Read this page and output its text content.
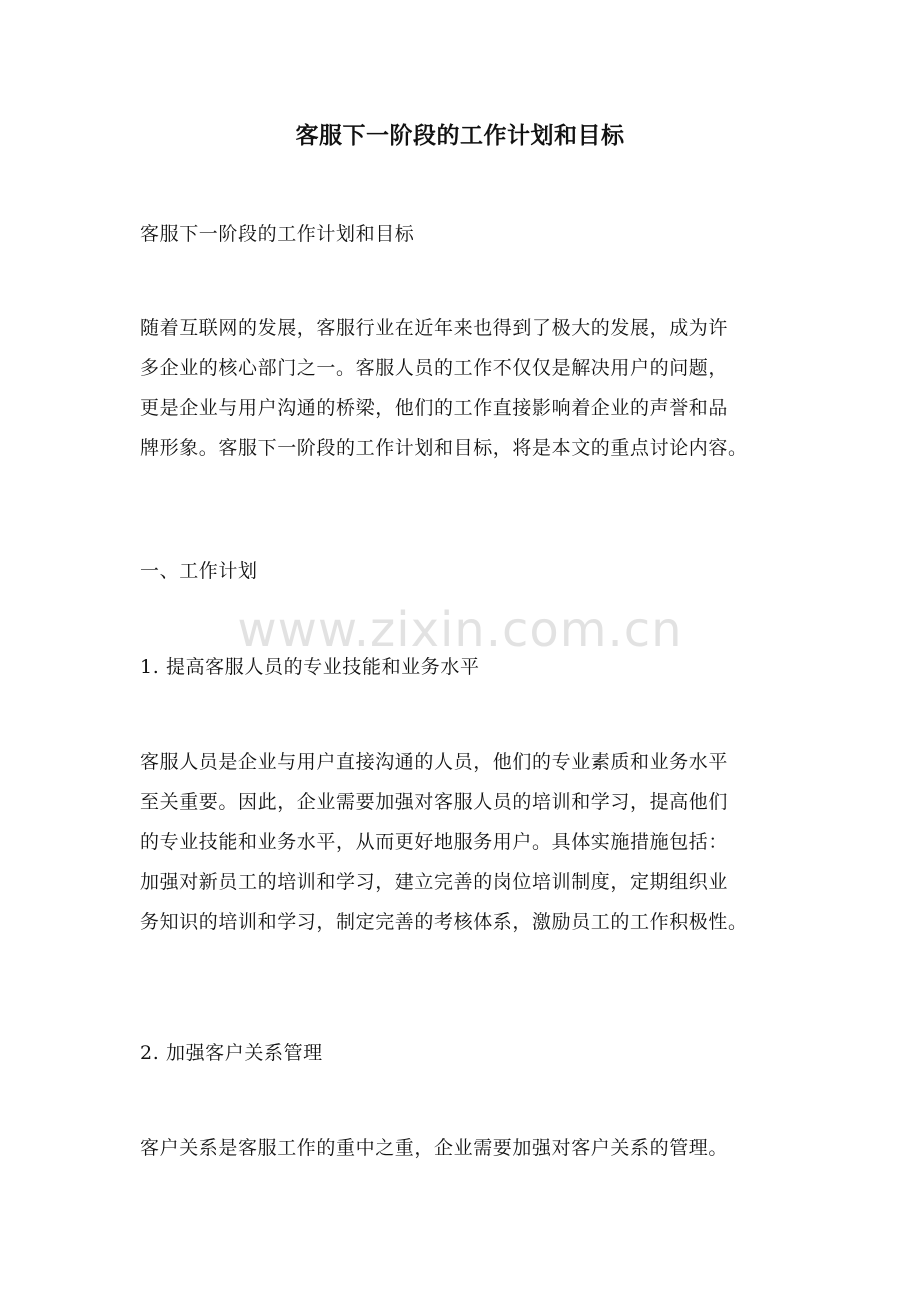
客服下一阶段的工作计划和目标

客服下一阶段的工作计划和目标

随着互联网的发展，客服行业在近年来也得到了极大的发展，成为许
多企业的核心部门之一。客服人员的工作不仅仅是解决用户的问题，
更是企业与用户沟通的桥梁，他们的工作直接影响着企业的声誉和品
牌形象。客服下一阶段的工作计划和目标，将是本文的重点讨论内容。

一、工作计划

www.zixin.com.cn

1. 提高客服人员的专业技能和业务水平

客服人员是企业与用户直接沟通的人员，他们的专业素质和业务水平
至关重要。因此，企业需要加强对客服人员的培训和学习，提高他们
的专业技能和业务水平，从而更好地服务用户。具体实施措施包括：
加强对新员工的培训和学习，建立完善的岗位培训制度，定期组织业
务知识的培训和学习，制定完善的考核体系，激励员工的工作积极性。

2. 加强客户关系管理

客户关系是客服工作的重中之重，企业需要加强对客户关系的管理。
